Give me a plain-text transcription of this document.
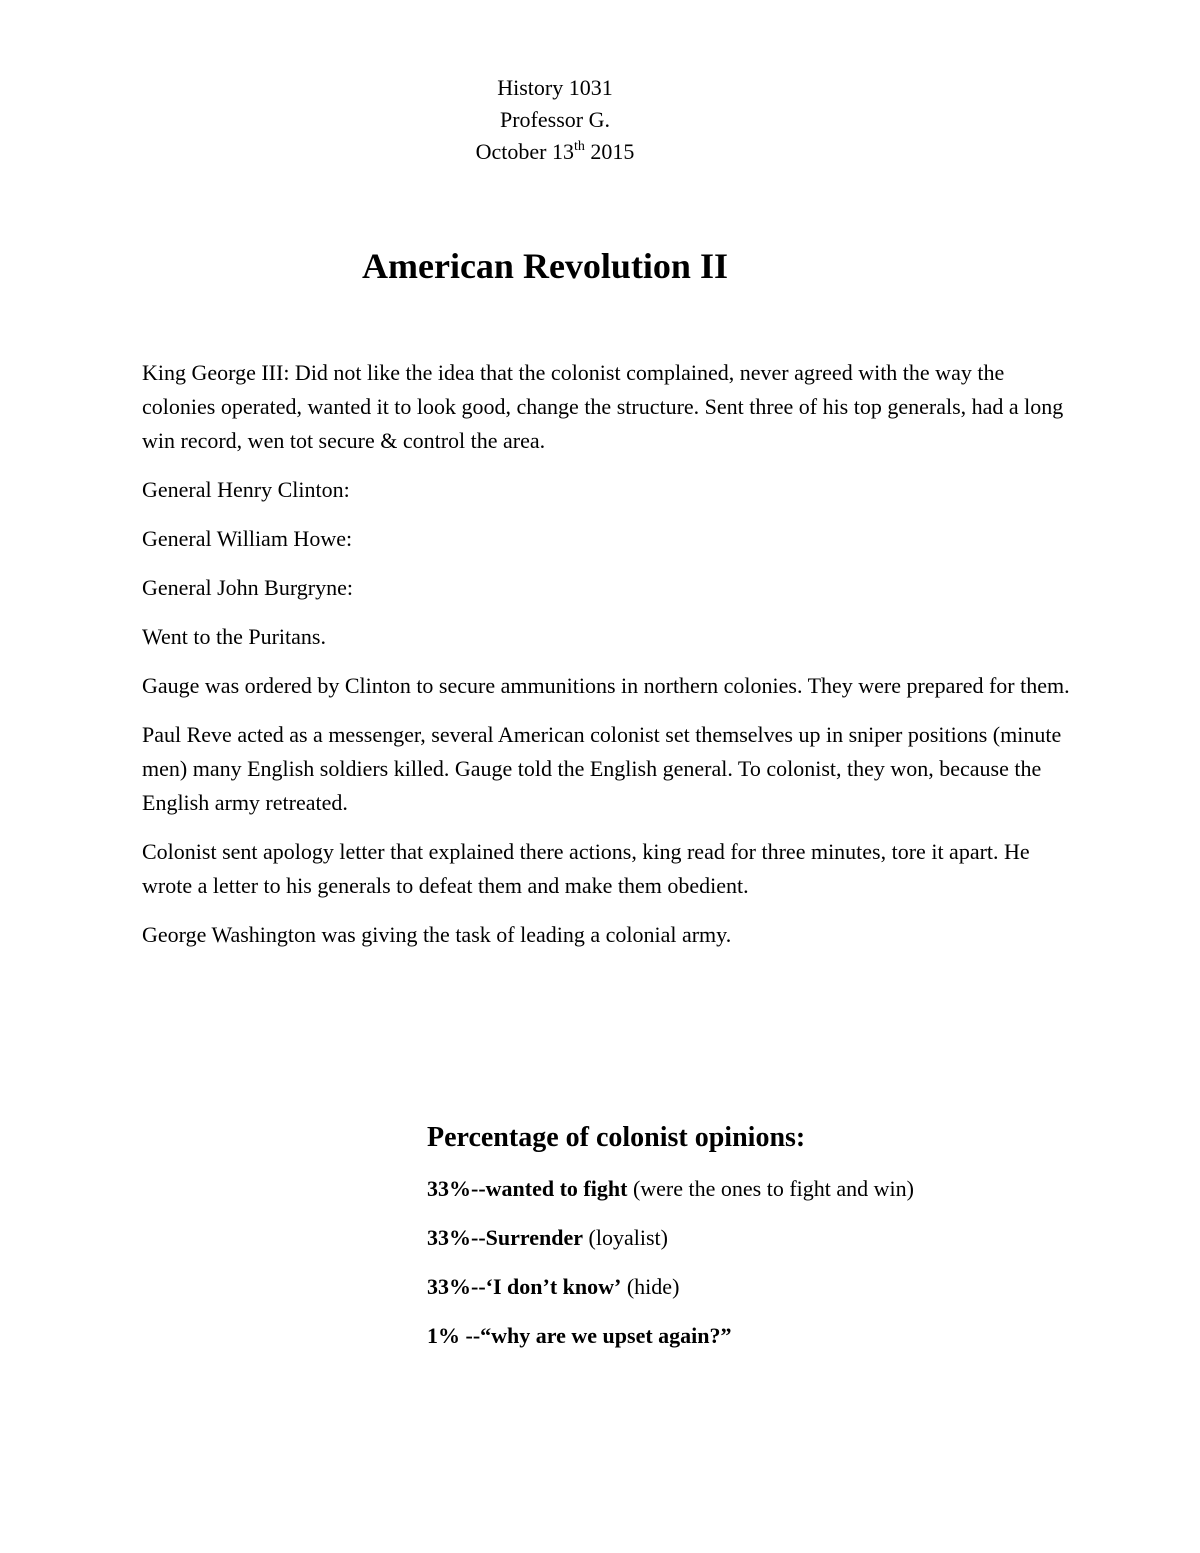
History 1031
Professor G.
October 13th 2015
American Revolution II

King George III: Did not like the idea that the colonist complained, never agreed with the way the colonies operated, wanted it to look good, change the structure. Sent three of his top generals, had a long win record, wen tot secure & control the area.

General Henry Clinton:

General William Howe:

General John Burgryne:

Went to the Puritans.

Gauge was ordered by Clinton to secure ammunitions in northern colonies. They were prepared for them.

Paul Reve acted as a messenger, several American colonist set themselves up in sniper positions (minute men) many English soldiers killed. Gauge told the English general. To colonist, they won, because the English army retreated.

Colonist sent apology letter that explained there actions, king read for three minutes, tore it apart. He wrote a letter to his generals to defeat them and make them obedient.

George Washington was giving the task of leading a colonial army.

Percentage of colonist opinions:
33%--wanted to fight (were the ones to fight and win)
33%--Surrender (loyalist)
33%--‘I don’t know’ (hide)
1% --“why are we upset again?”
